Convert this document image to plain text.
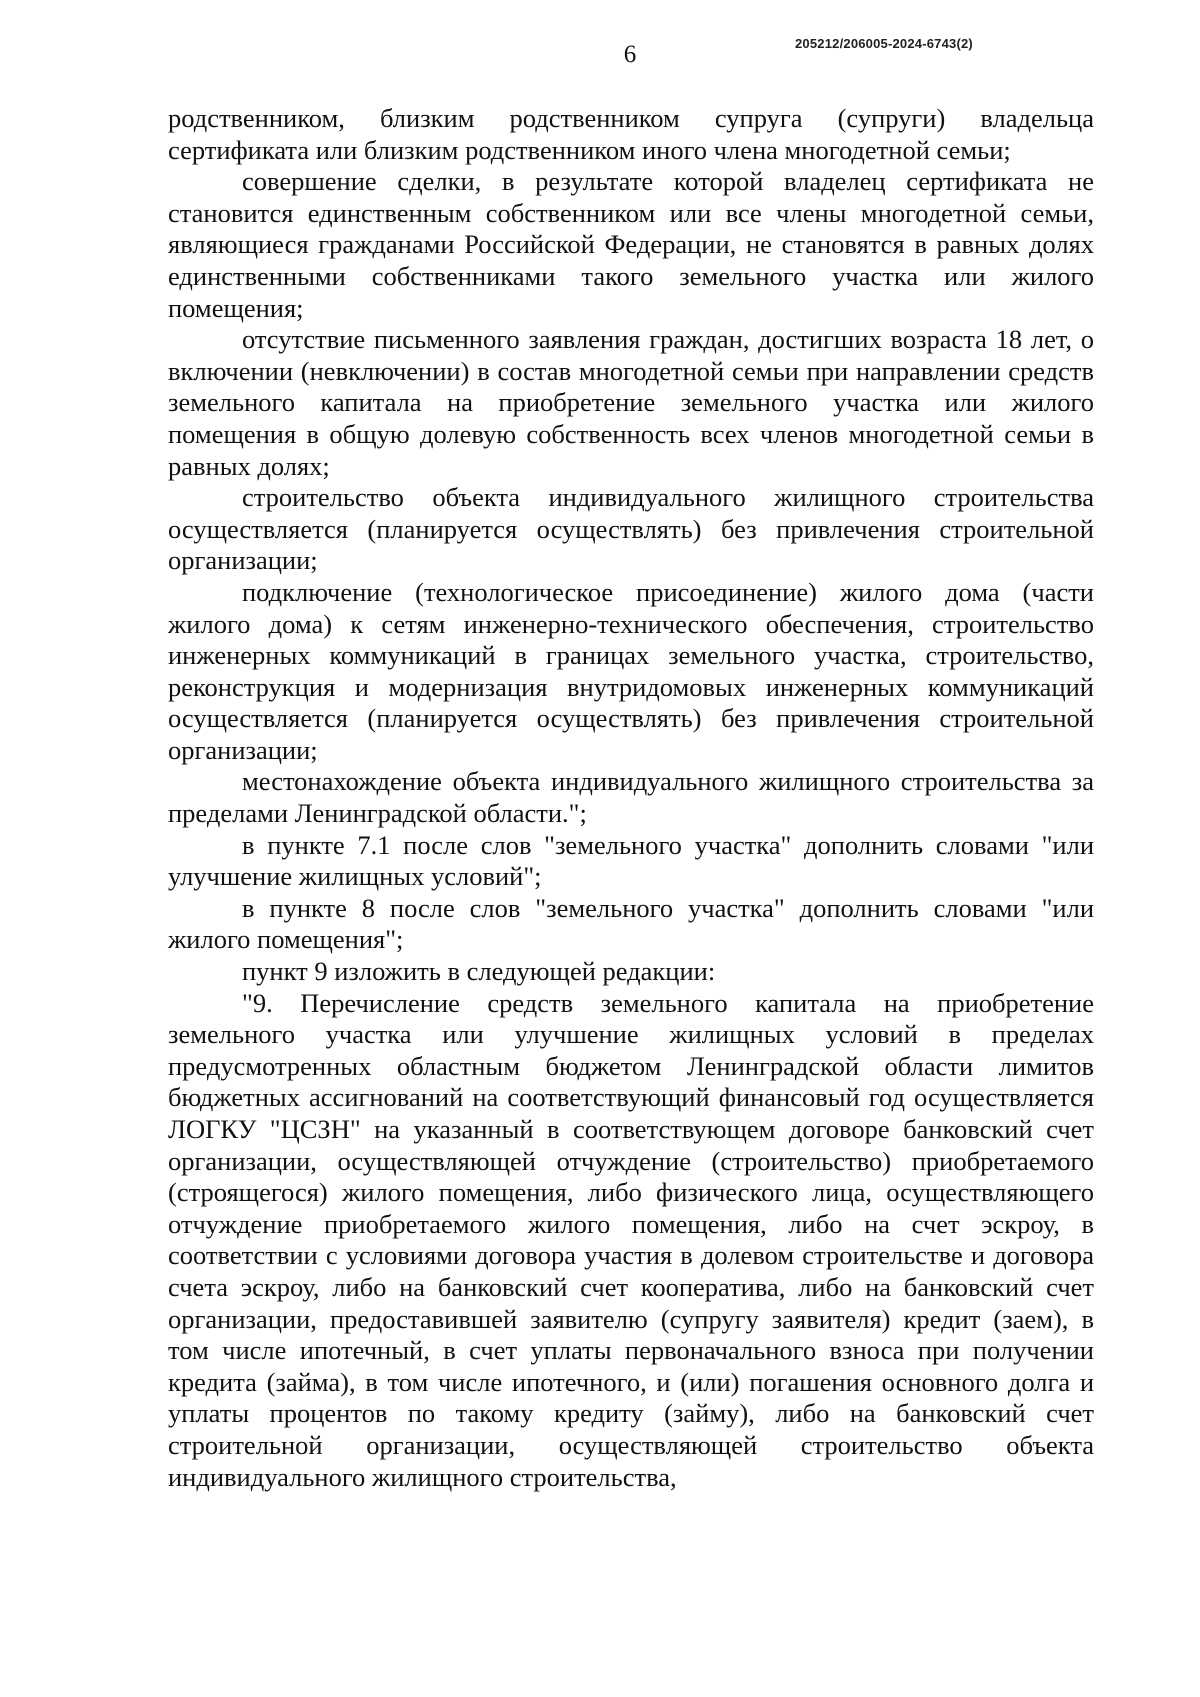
6	205212/206005-2024-6743(2)

родственником, близким родственником супруга (супруги) владельца сертификата или близким родственником иного члена многодетной семьи;

совершение сделки, в результате которой владелец сертификата не становится единственным собственником или все члены многодетной семьи, являющиеся гражданами Российской Федерации, не становятся в равных долях единственными собственниками такого земельного участка или жилого помещения;

отсутствие письменного заявления граждан, достигших возраста 18 лет, о включении (невключении) в состав многодетной семьи при направлении средств земельного капитала на приобретение земельного участка или жилого помещения в общую долевую собственность всех членов многодетной семьи в равных долях;

строительство объекта индивидуального жилищного строительства осуществляется (планируется осуществлять) без привлечения строительной организации;

подключение (технологическое присоединение) жилого дома (части жилого дома) к сетям инженерно-технического обеспечения, строительство инженерных коммуникаций в границах земельного участка, строительство, реконструкция и модернизация внутридомовых инженерных коммуникаций осуществляется (планируется осуществлять) без привлечения строительной организации;

местонахождение объекта индивидуального жилищного строительства за пределами Ленинградской области.";

в пункте 7.1 после слов "земельного участка" дополнить словами "или улучшение жилищных условий";

в пункте 8 после слов "земельного участка" дополнить словами "или жилого помещения";

пункт 9 изложить в следующей редакции:

"9. Перечисление средств земельного капитала на приобретение земельного участка или улучшение жилищных условий в пределах предусмотренных областным бюджетом Ленинградской области лимитов бюджетных ассигнований на соответствующий финансовый год осуществляется ЛОГКУ "ЦСЗН" на указанный в соответствующем договоре банковский счет организации, осуществляющей отчуждение (строительство) приобретаемого (строящегося) жилого помещения, либо физического лица, осуществляющего отчуждение приобретаемого жилого помещения, либо на счет эскроу, в соответствии с условиями договора участия в долевом строительстве и договора счета эскроу, либо на банковский счет кооператива, либо на банковский счет организации, предоставившей заявителю (супругу заявителя) кредит (заем), в том числе ипотечный, в счет уплаты первоначального взноса при получении кредита (займа), в том числе ипотечного, и (или) погашения основного долга и уплаты процентов по такому кредиту (займу), либо на банковский счет строительной организации, осуществляющей строительство объекта индивидуального жилищного строительства,
